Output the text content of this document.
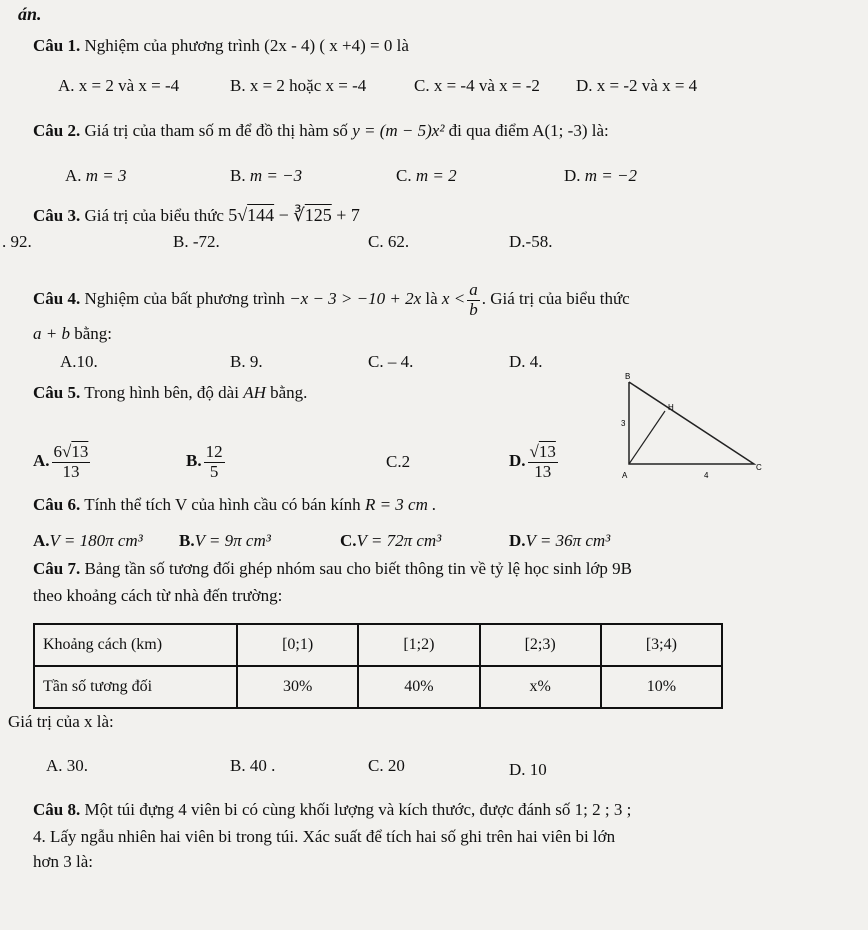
án.
Câu 1. Nghiệm của phương trình (2x - 4) ( x +4) = 0 là
A. x = 2 và x = -4	B. x = 2 hoặc x = -4	C. x = -4 và x = -2 D. x = -2 và x = 4
Câu 2. Giá trị của tham số m để đồ thị hàm số y = (m − 5)x² đi qua điểm A(1; -3) là:
A. m = 3	B. m = −3	C. m = 2	D. m = −2
Câu 3. Giá trị của biểu thức 5√144 − ∛125 + 7
. 92.	B. -72.	C. 62.	D.-58.
Câu 4. Nghiệm của bất phương trình −x − 3 > −10 + 2x là $x < \frac{a}{b}$ . Giá trị của biểu thức
a + b bằng:
A.10.	B. 9.	C. – 4.	D. 4.
Câu 5. Trong hình bên, độ dài AH bằng.
A. $\frac{6√13}{13}$	B. $\frac{12}{5}$	C.2	D. $\frac{√13}{13}$
B
H
A
C
3
4
Câu 6. Tính thể tích V của hình cầu có bán kính R = 3 cm .
A.V = 180π cm³ B.V = 9π cm³	C.V = 72π cm³	D.V = 36π cm³
Câu 7. Bảng tần số tương đối ghép nhóm sau cho biết thông tin về tỷ lệ học sinh lớp 9B
theo khoảng cách từ nhà đến trường:
Khoảng cách (km)	[0;1)	[1;2)	[2;3)	[3;4)
Tần số tương đối	30%	40%	x%	10%
Giá trị của x là:
A. 30.	B. 40 .	C. 20	D. 10
Câu 8. Một túi đựng 4 viên bi có cùng khối lượng và kích thước, được đánh số 1; 2 ; 3 ;
4. Lấy ngẫu nhiên hai viên bi trong túi. Xác suất để tích hai số ghi trên hai viên bi lớn
hơn 3 là:
